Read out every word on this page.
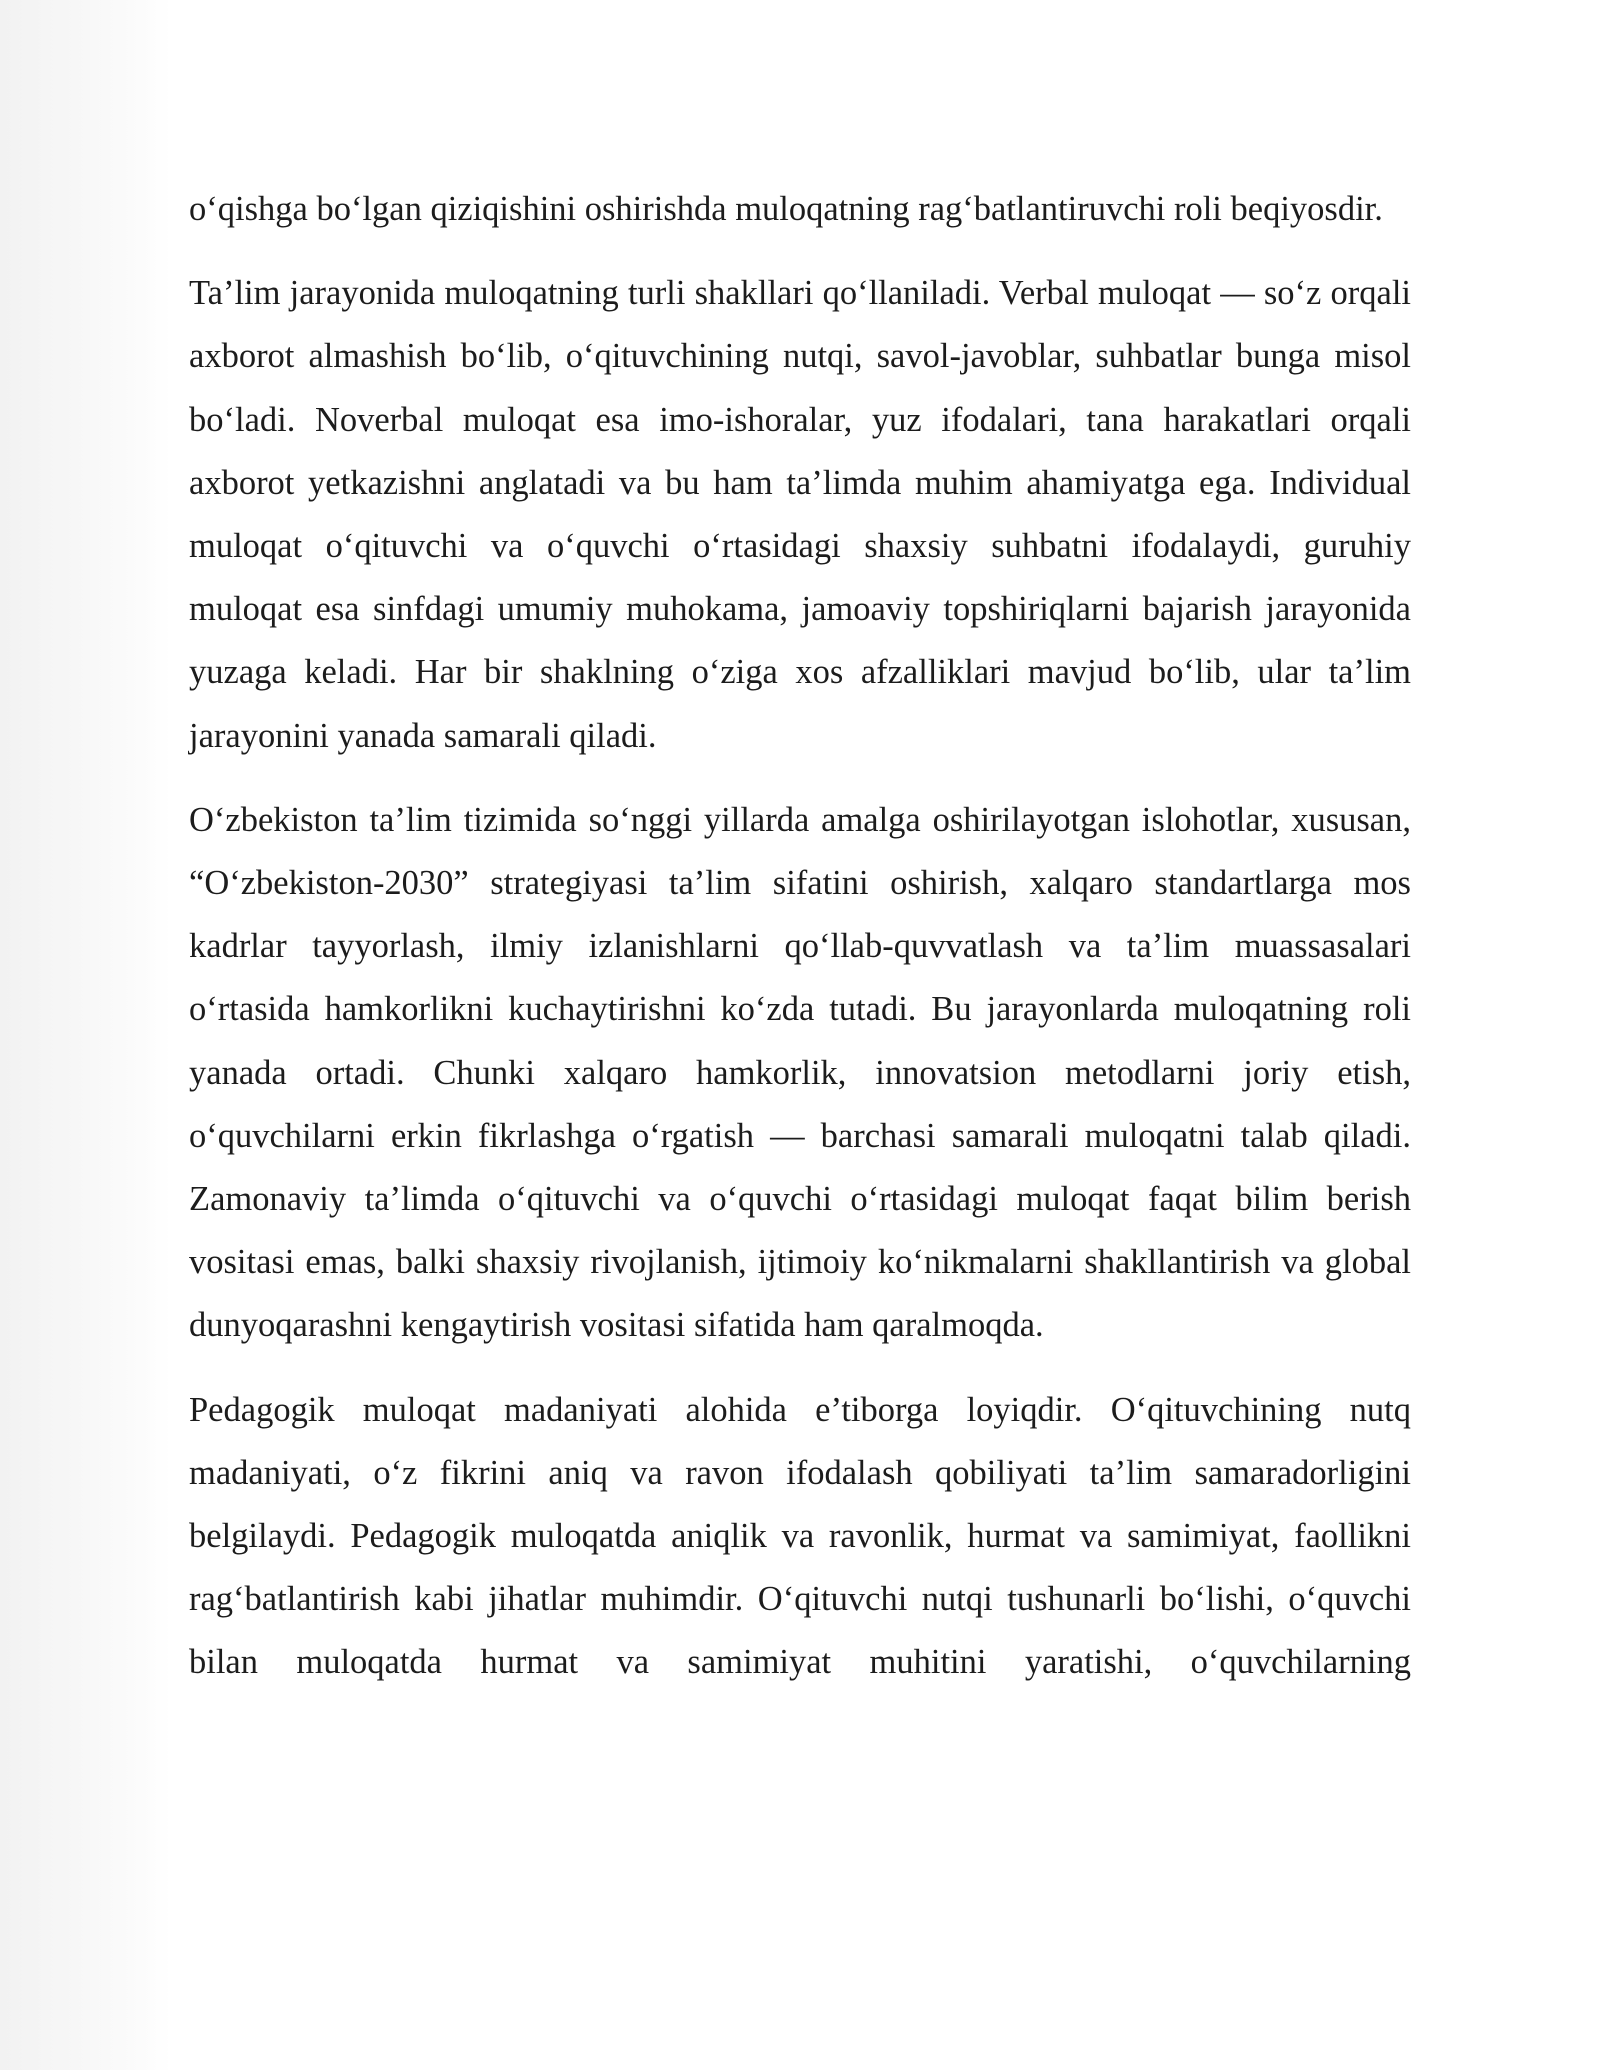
o‘qishga bo‘lgan qiziqishini oshirishda muloqatning rag‘batlantiruvchi roli beqiyosdir.

Ta’lim jarayonida muloqatning turli shakllari qo‘llaniladi. Verbal muloqat — so‘z orqali axborot almashish bo‘lib, o‘qituvchining nutqi, savol-javoblar, suhbatlar bunga misol bo‘ladi. Noverbal muloqat esa imo-ishoralar, yuz ifodalari, tana harakatlari orqali axborot yetkazishni anglatadi va bu ham ta’limda muhim ahamiyatga ega. Individual muloqat o‘qituvchi va o‘quvchi o‘rtasidagi shaxsiy suhbatni ifodalaydi, guruhiy muloqat esa sinfdagi umumiy muhokama, jamoaviy topshiriqlarni bajarish jarayonida yuzaga keladi. Har bir shaklning o‘ziga xos afzalliklari mavjud bo‘lib, ular ta’lim jarayonini yanada samarali qiladi.

O‘zbekiston ta’lim tizimida so‘nggi yillarda amalga oshirilayotgan islohotlar, xususan, “O‘zbekiston-2030” strategiyasi ta’lim sifatini oshirish, xalqaro standartlarga mos kadrlar tayyorlash, ilmiy izlanishlarni qo‘llab-quvvatlash va ta’lim muassasalari o‘rtasida hamkorlikni kuchaytirishni ko‘zda tutadi. Bu jarayonlarda muloqatning roli yanada ortadi. Chunki xalqaro hamkorlik, innovatsion metodlarni joriy etish, o‘quvchilarni erkin fikrlashga o‘rgatish — barchasi samarali muloqatni talab qiladi. Zamonaviy ta’limda o‘qituvchi va o‘quvchi o‘rtasidagi muloqat faqat bilim berish vositasi emas, balki shaxsiy rivojlanish, ijtimoiy ko‘nikmalarni shakllantirish va global dunyoqarashni kengaytirish vositasi sifatida ham qaralmoqda.

Pedagogik muloqat madaniyati alohida e’tiborga loyiqdir. O‘qituvchining nutq madaniyati, o‘z fikrini aniq va ravon ifodalash qobiliyati ta’lim samaradorligini belgilaydi. Pedagogik muloqatda aniqlik va ravonlik, hurmat va samimiyat, faollikni rag‘batlantirish kabi jihatlar muhimdir. O‘qituvchi nutqi tushunarli bo‘lishi, o‘quvchi bilan muloqatda hurmat va samimiyat muhitini yaratishi, o‘quvchilarning
